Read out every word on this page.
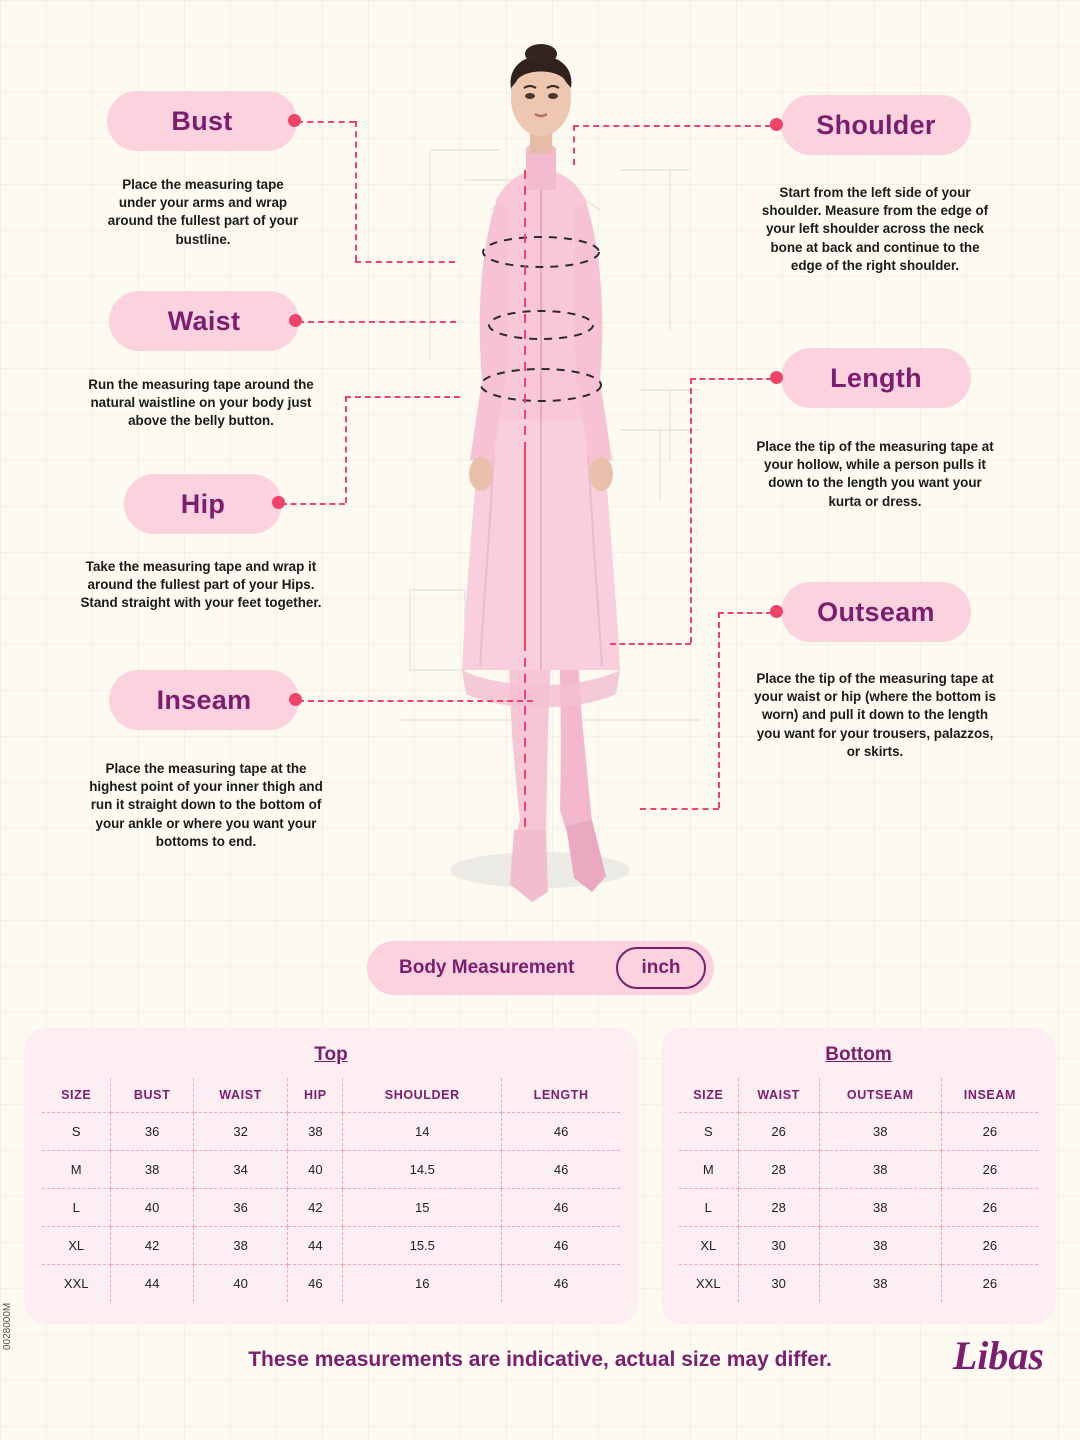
Bust
Place the measuring tape under your arms and wrap around the fullest part of your bustline.
Waist
Run the measuring tape around the natural waistline on your body just above the belly button.
Hip
Take the measuring tape and wrap it around the fullest part of your Hips. Stand straight with your feet together.
Inseam
Place the measuring tape at the highest point of your inner thigh and run it straight down to the bottom of your ankle or where you want your bottoms to end.
Shoulder
Start from the left side of your shoulder. Measure from the edge of your left shoulder across the neck bone at back and continue to the edge of the right shoulder.
Length
Place the tip of the measuring tape at your hollow, while a person pulls it down to the length you want your kurta or dress.
Outseam
Place the tip of the measuring tape at your waist or hip (where the bottom is worn) and pull it down to the length you want for your trousers, palazzos, or skirts.
Body Measurement	inch
Top
SIZE	BUST	WAIST	HIP	SHOULDER	LENGTH
S	36	32	38	14	46
M	38	34	40	14.5	46
L	40	36	42	15	46
XL	42	38	44	15.5	46
XXL	44	40	46	16	46
Bottom
SIZE	WAIST	OUTSEAM	INSEAM
S	26	38	26
M	28	38	26
L	28	38	26
XL	30	38	26
XXL	30	38	26
These measurements are indicative, actual size may differ.	Libas
0028000M
